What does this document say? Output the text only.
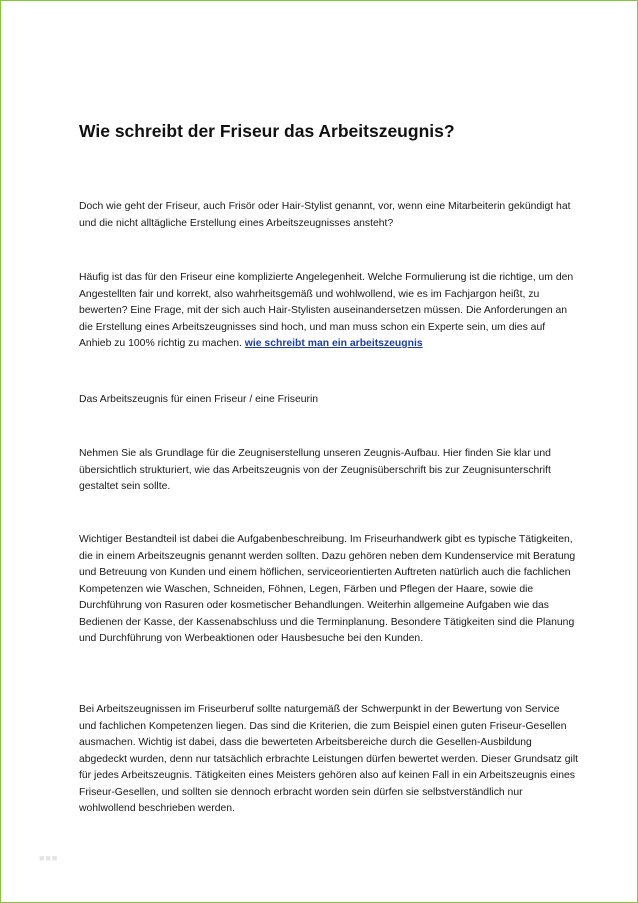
Wie schreibt der Friseur das Arbeitszeugnis?

Doch wie geht der Friseur, auch Frisör oder Hair-Stylist genannt, vor, wenn eine Mitarbeiterin gekündigt hat und die nicht alltägliche Erstellung eines Arbeitszeugnisses ansteht?

Häufig ist das für den Friseur eine komplizierte Angelegenheit. Welche Formulierung ist die richtige, um den Angestellten fair und korrekt, also wahrheitsgemäß und wohlwollend, wie es im Fachjargon heißt, zu bewerten? Eine Frage, mit der sich auch Hair-Stylisten auseinandersetzen müssen. Die Anforderungen an die Erstellung eines Arbeitszeugnisses sind hoch, und man muss schon ein Experte sein, um dies auf Anhieb zu 100% richtig zu machen. wie schreibt man ein arbeitszeugnis

Das Arbeitszeugnis für einen Friseur / eine Friseurin

Nehmen Sie als Grundlage für die Zeugniserstellung unseren Zeugnis-Aufbau. Hier finden Sie klar und übersichtlich strukturiert, wie das Arbeitszeugnis von der Zeugnisüberschrift bis zur Zeugnisunterschrift gestaltet sein sollte.

Wichtiger Bestandteil ist dabei die Aufgabenbeschreibung. Im Friseurhandwerk gibt es typische Tätigkeiten, die in einem Arbeitszeugnis genannt werden sollten. Dazu gehören neben dem Kundenservice mit Beratung und Betreuung von Kunden und einem höflichen, serviceorientierten Auftreten natürlich auch die fachlichen Kompetenzen wie Waschen, Schneiden, Föhnen, Legen, Färben und Pflegen der Haare, sowie die Durchführung von Rasuren oder kosmetischer Behandlungen. Weiterhin allgemeine Aufgaben wie das Bedienen der Kasse, der Kassenabschluss und die Terminplanung. Besondere Tätigkeiten sind die Planung und Durchführung von Werbeaktionen oder Hausbesuche bei den Kunden.

Bei Arbeitszeugnissen im Friseurberuf sollte naturgemäß der Schwerpunkt in der Bewertung von Service und fachlichen Kompetenzen liegen. Das sind die Kriterien, die zum Beispiel einen guten Friseur-Gesellen ausmachen. Wichtig ist dabei, dass die bewerteten Arbeitsbereiche durch die Gesellen-Ausbildung abgedeckt wurden, denn nur tatsächlich erbrachte Leistungen dürfen bewertet werden. Dieser Grundsatz gilt für jedes Arbeitszeugnis. Tätigkeiten eines Meisters gehören also auf keinen Fall in ein Arbeitszeugnis eines Friseur-Gesellen, und sollten sie dennoch erbracht worden sein dürfen sie selbstverständlich nur wohlwollend beschrieben werden.

■■■
